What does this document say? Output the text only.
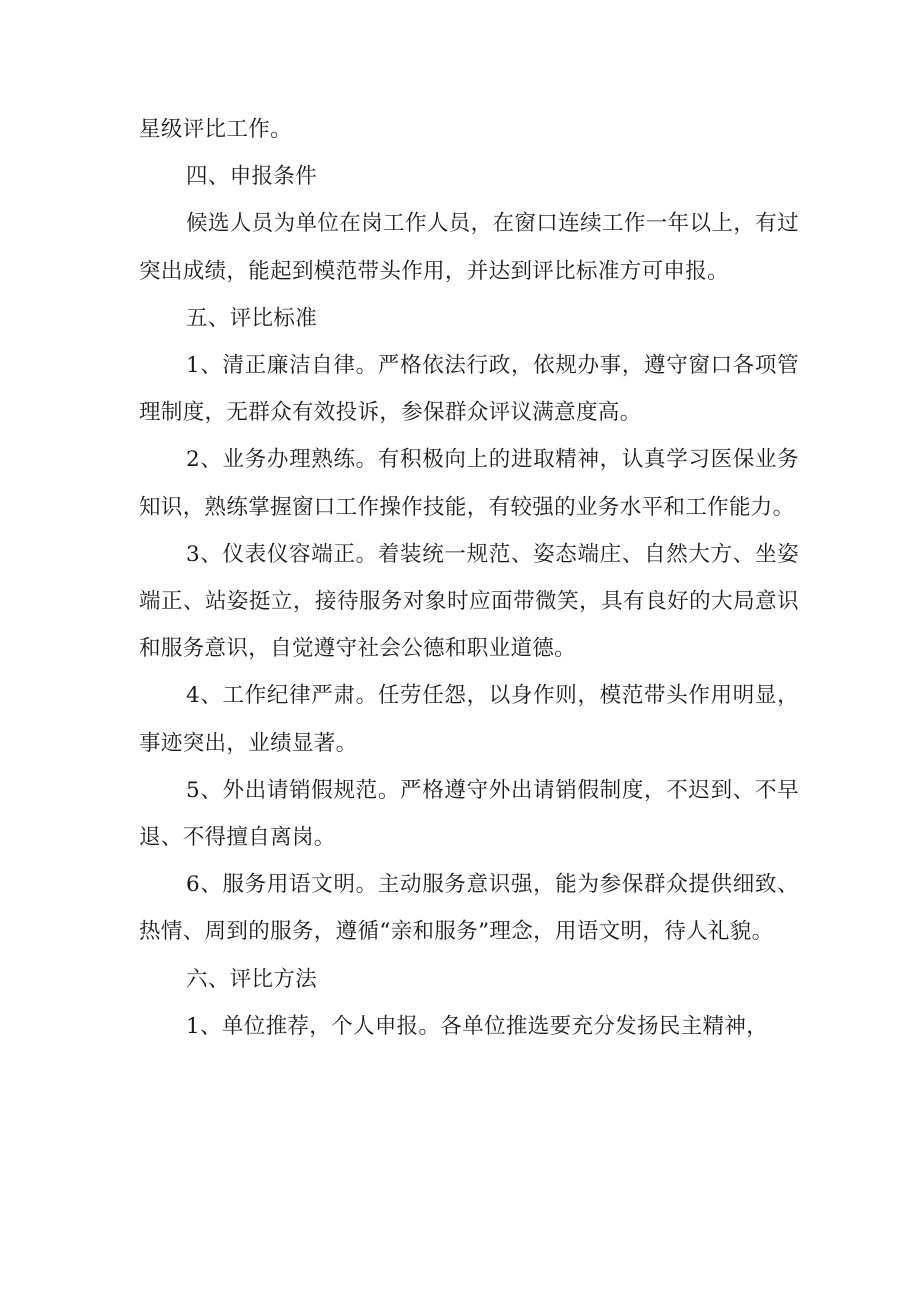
星级评比工作。

四、申报条件

候选人员为单位在岗工作人员，在窗口连续工作一年以上，有过突出成绩，能起到模范带头作用，并达到评比标准方可申报。

五、评比标准

1、清正廉洁自律。严格依法行政，依规办事，遵守窗口各项管理制度，无群众有效投诉，参保群众评议满意度高。

2、业务办理熟练。有积极向上的进取精神，认真学习医保业务知识，熟练掌握窗口工作操作技能，有较强的业务水平和工作能力。

3、仪表仪容端正。着装统一规范、姿态端庄、自然大方、坐姿端正、站姿挺立，接待服务对象时应面带微笑，具有良好的大局意识和服务意识，自觉遵守社会公德和职业道德。

4、工作纪律严肃。任劳任怨，以身作则，模范带头作用明显，事迹突出，业绩显著。

5、外出请销假规范。严格遵守外出请销假制度，不迟到、不早退、不得擅自离岗。

6、服务用语文明。主动服务意识强，能为参保群众提供细致、热情、周到的服务，遵循“亲和服务”理念，用语文明，待人礼貌。

六、评比方法

1、单位推荐，个人申报。各单位推选要充分发扬民主精神，
